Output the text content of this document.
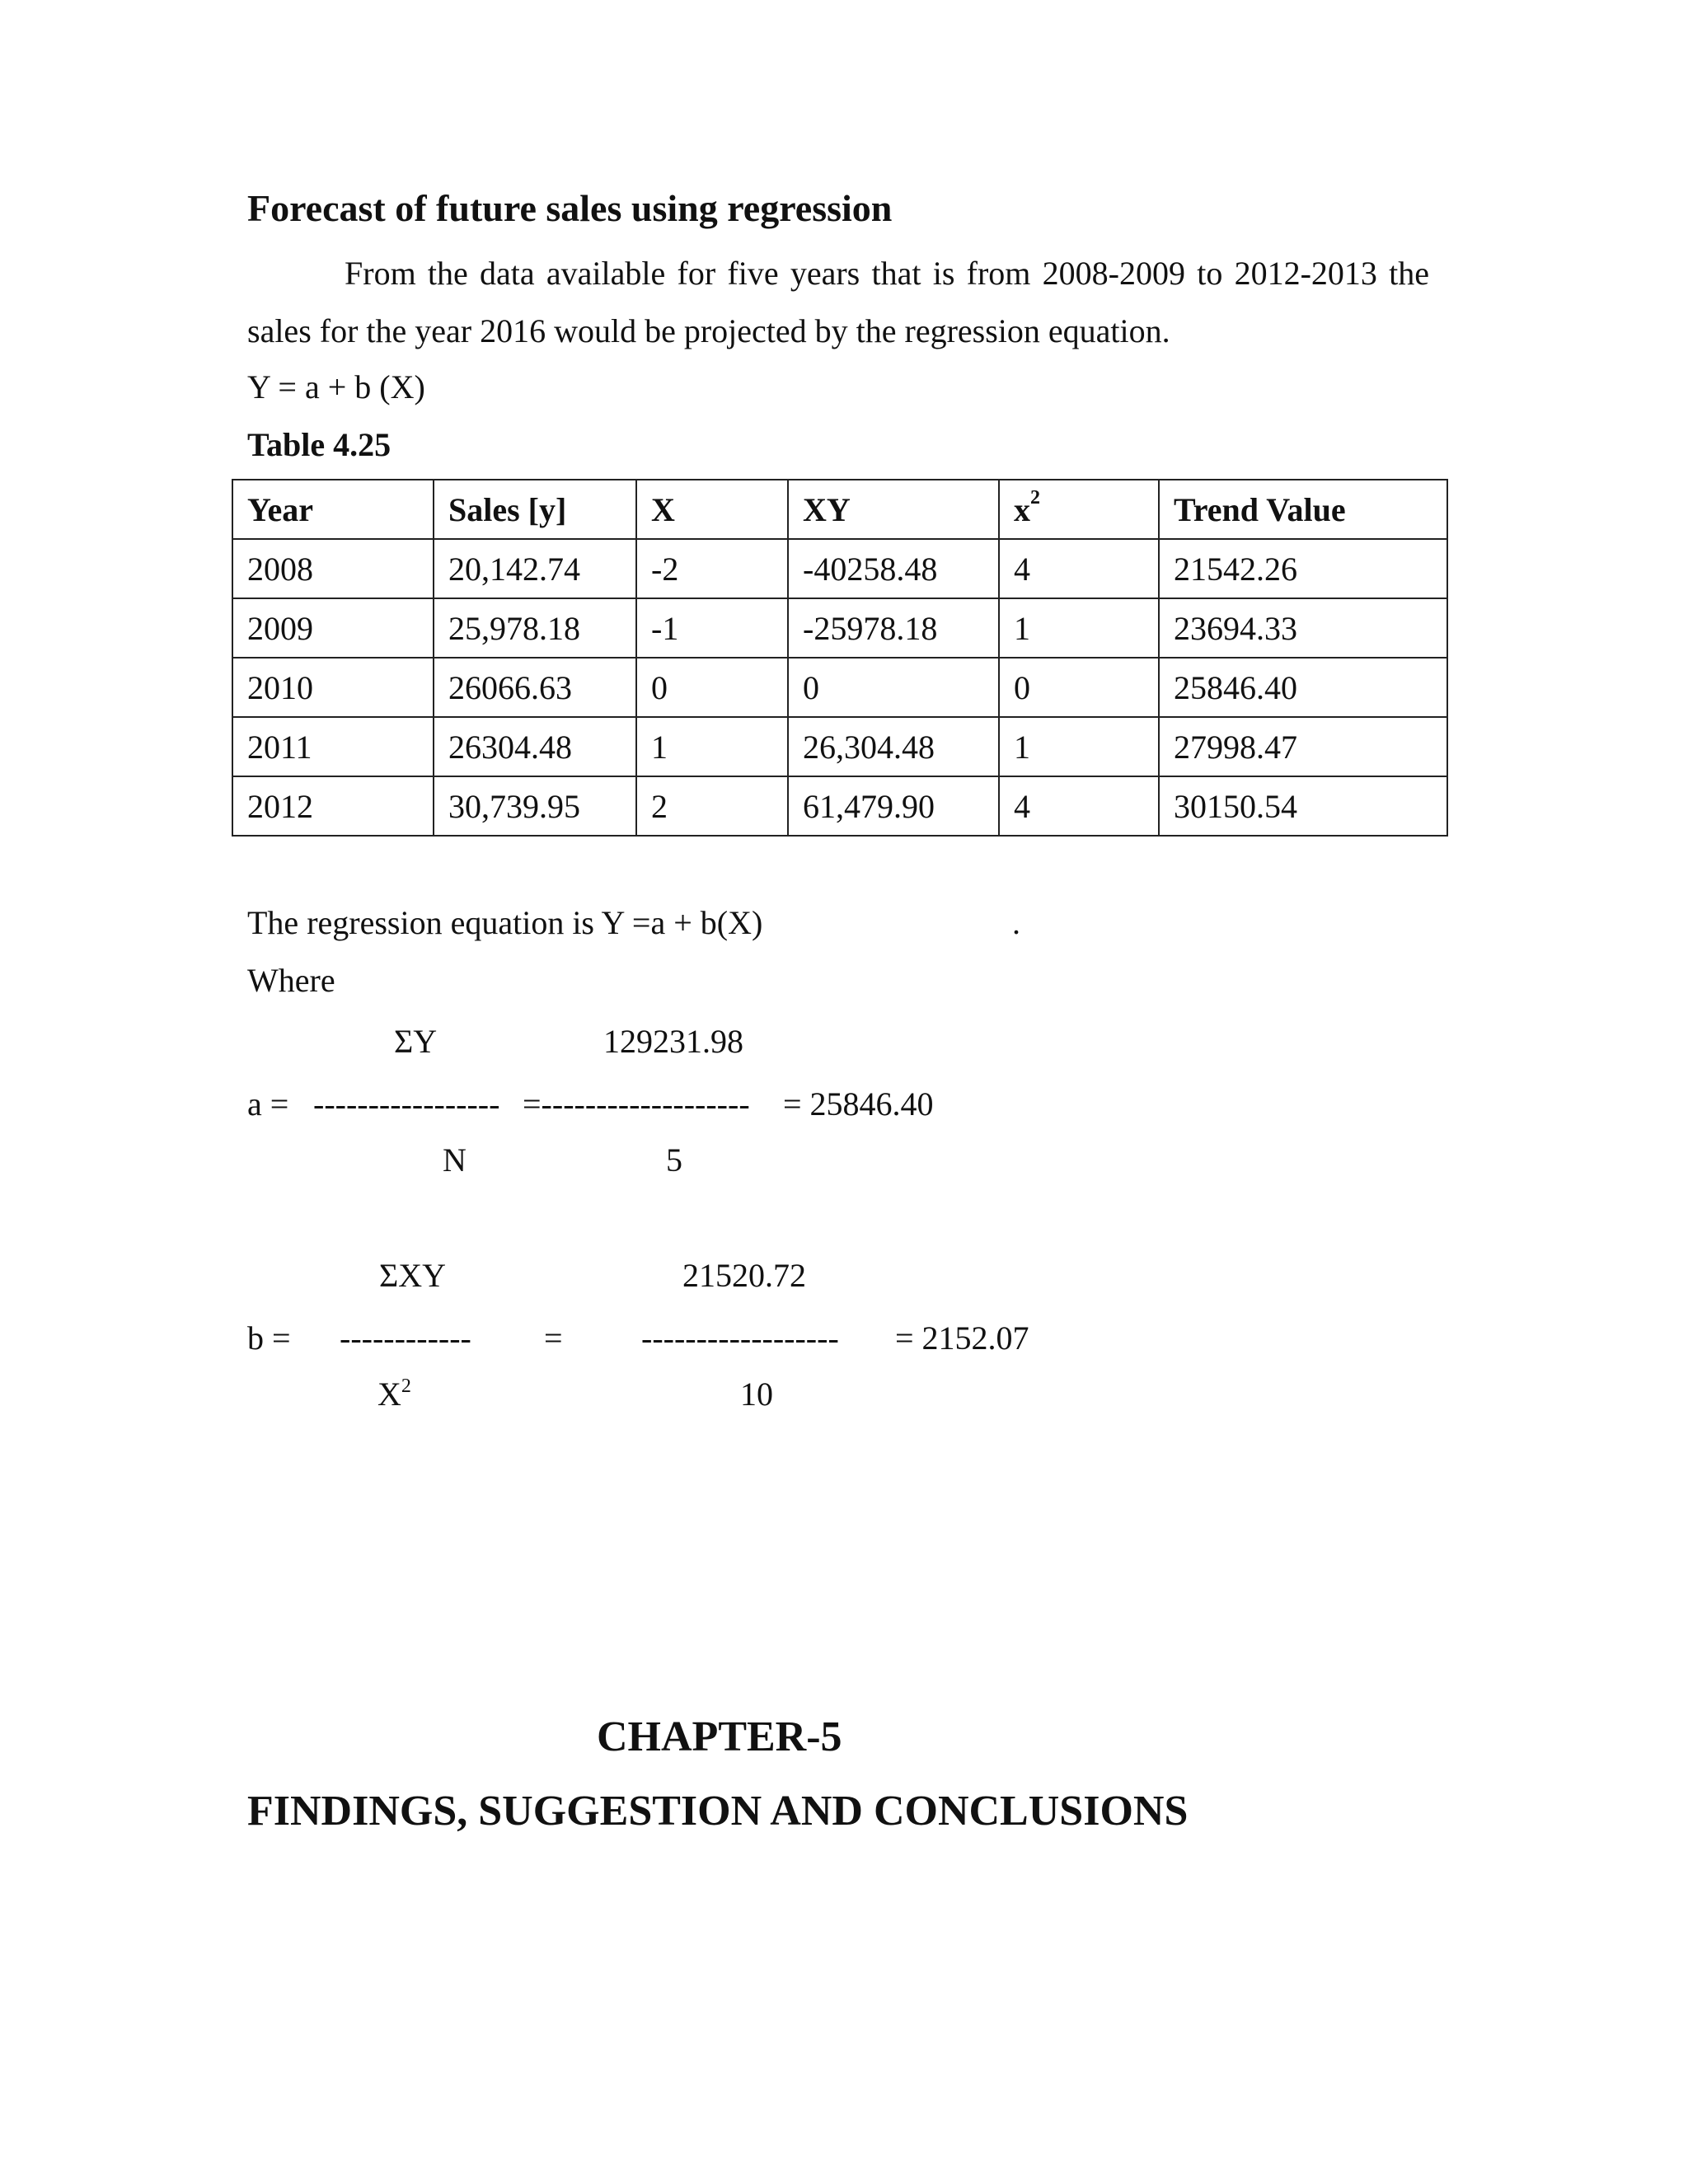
Forecast of future sales using regression
From the data available for five years that is from 2008-2009 to 2012-2013 the
sales for the year 2016 would be projected by the regression equation.
Y = a + b (X)
Table 4.25
Year	Sales [y]	X	XY	$x^2$	Trend Value
2008	20,142.74	-2	-40258.48	4	21542.26
2009	25,978.18	-1	-25978.18	1	23694.33
2010	26066.63	0	0	0	25846.40
2011	26304.48	1	26,304.48	1	27998.47
2012	30,739.95	2	61,479.90	4	30150.54
The regression equation is Y =a + b(X)	.
Where
ΣY	129231.98
a = ----------------- =------------------- = 25846.40
N	5
ΣXY	21520.72
b = ------------ = ------------------ = 2152.07
$X^2$	10
CHAPTER-5
FINDINGS, SUGGESTION AND CONCLUSIONS
